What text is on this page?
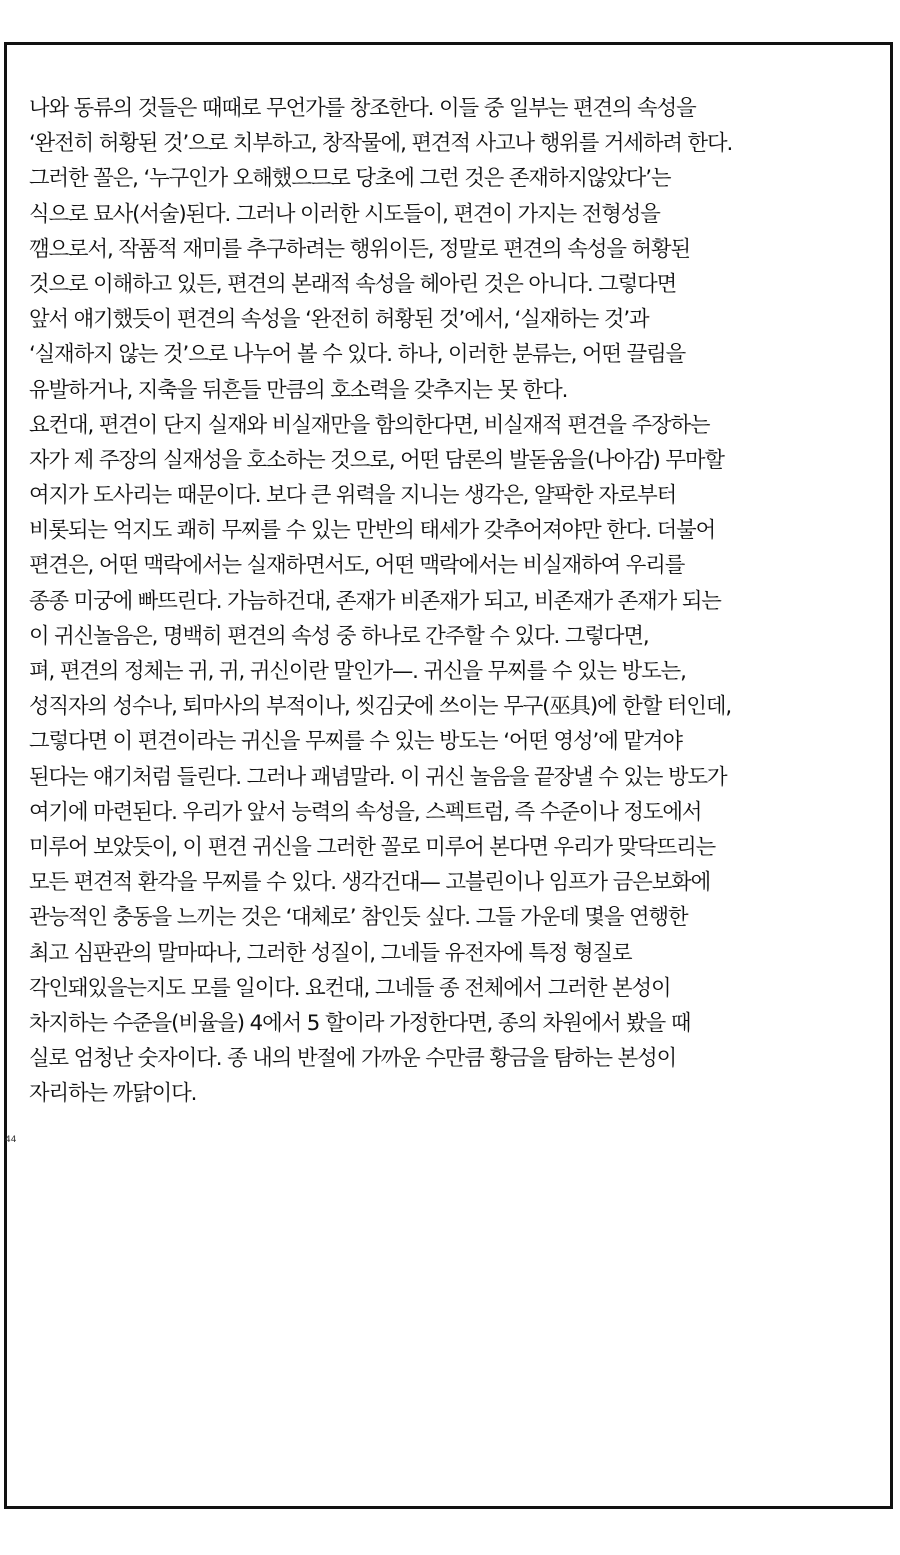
나와 동류의 것들은 때때로 무언가를 창조한다. 이들 중 일부는 편견의 속성을
‘완전히 허황된 것’으로 치부하고, 창작물에, 편견적 사고나 행위를 거세하려 한다.
그러한 꼴은, ‘누구인가 오해했으므로 당초에 그런 것은 존재하지않았다’는
식으로 묘사(서술)된다. 그러나 이러한 시도들이, 편견이 가지는 전형성을
깸으로서, 작품적 재미를 추구하려는 행위이든, 정말로 편견의 속성을 허황된
것으로 이해하고 있든, 편견의 본래적 속성을 헤아린 것은 아니다. 그렇다면
앞서 얘기했듯이 편견의 속성을 ‘완전히 허황된 것’에서, ‘실재하는 것’과
‘실재하지 않는 것’으로 나누어 볼 수 있다. 하나, 이러한 분류는, 어떤 끌림을
유발하거나, 지축을 뒤흔들 만큼의 호소력을 갖추지는 못 한다.
요컨대, 편견이 단지 실재와 비실재만을 함의한다면, 비실재적 편견을 주장하는
자가 제 주장의 실재성을 호소하는 것으로, 어떤 담론의 발돋움을(나아감) 무마할
여지가 도사리는 때문이다. 보다 큰 위력을 지니는 생각은, 얄팍한 자로부터
비롯되는 억지도 쾌히 무찌를 수 있는 만반의 태세가 갖추어져야만 한다. 더불어
편견은, 어떤 맥락에서는 실재하면서도, 어떤 맥락에서는 비실재하여 우리를
종종 미궁에 빠뜨린다. 가늠하건대, 존재가 비존재가 되고, 비존재가 존재가 되는
이 귀신놀음은, 명백히 편견의 속성 중 하나로 간주할 수 있다. 그렇다면,
펴, 편견의 정체는 귀, 귀, 귀신이란 말인가—. 귀신을 무찌를 수 있는 방도는,
성직자의 성수나, 퇴마사의 부적이나, 씻김굿에 쓰이는 무구(巫具)에 한할 터인데,
그렇다면 이 편견이라는 귀신을 무찌를 수 있는 방도는 ‘어떤 영성’에 맡겨야
된다는 얘기처럼 들린다. 그러나 괘념말라. 이 귀신 놀음을 끝장낼 수 있는 방도가
여기에 마련된다. 우리가 앞서 능력의 속성을, 스펙트럼, 즉 수준이나 정도에서
미루어 보았듯이, 이 편견 귀신을 그러한 꼴로 미루어 본다면 우리가 맞닥뜨리는
모든 편견적 환각을 무찌를 수 있다. 생각건대— 고블린이나 임프가 금은보화에
관능적인 충동을 느끼는 것은 ‘대체로’ 참인듯 싶다. 그들 가운데 몇을 연행한
최고 심판관의 말마따나, 그러한 성질이, 그네들 유전자에 특정 형질로
각인돼있을는지도 모를 일이다. 요컨대, 그네들 종 전체에서 그러한 본성이
차지하는 수준을(비율을) 4에서 5 할이라 가정한다면, 종의 차원에서 봤을 때
실로 엄청난 숫자이다. 종 내의 반절에 가까운 수만큼 황금을 탐하는 본성이
자리하는 까닭이다.
44
